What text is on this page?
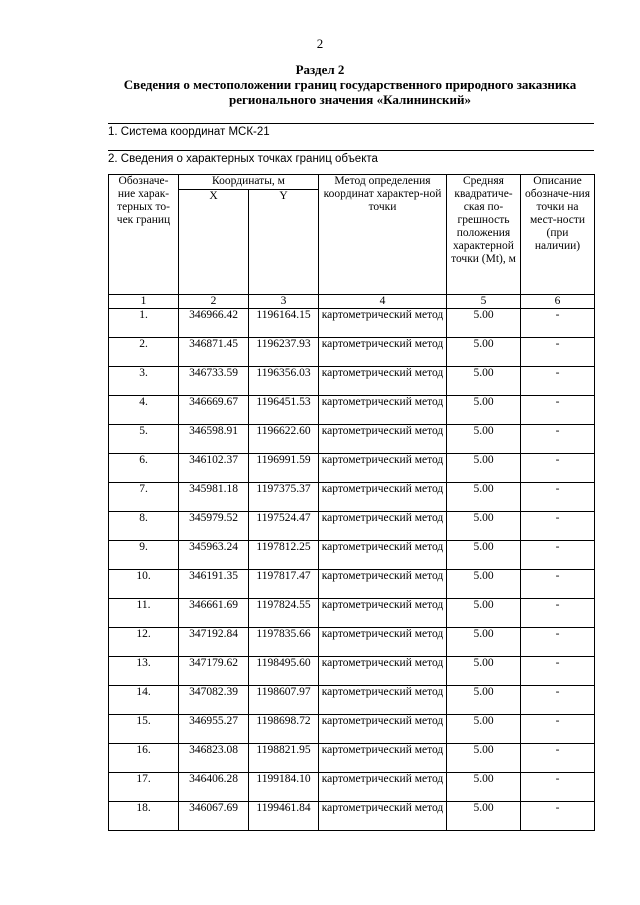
2
Раздел 2
Сведения о местоположении границ государственного природного заказника регионального значения «Калининский»
1. Система координат МСК-21
2. Сведения о характерных точках границ объекта
Обозначе-ние харак-терных то-чек границ	Координаты, м		Метод определения координат характер-ной точки	Средняя квадратиче-ская по-грешность положения характерной точки (Mt), м	Описание обозначе-ния точки на мест-ности (при наличии)
	X	Y			
1	2	3	4	5	6
1.	346966.42	1196164.15	картометрический метод	5.00	-
2.	346871.45	1196237.93	картометрический метод	5.00	-
3.	346733.59	1196356.03	картометрический метод	5.00	-
4.	346669.67	1196451.53	картометрический метод	5.00	-
5.	346598.91	1196622.60	картометрический метод	5.00	-
6.	346102.37	1196991.59	картометрический метод	5.00	-
7.	345981.18	1197375.37	картометрический метод	5.00	-
8.	345979.52	1197524.47	картометрический метод	5.00	-
9.	345963.24	1197812.25	картометрический метод	5.00	-
10.	346191.35	1197817.47	картометрический метод	5.00	-
11.	346661.69	1197824.55	картометрический метод	5.00	-
12.	347192.84	1197835.66	картометрический метод	5.00	-
13.	347179.62	1198495.60	картометрический метод	5.00	-
14.	347082.39	1198607.97	картометрический метод	5.00	-
15.	346955.27	1198698.72	картометрический метод	5.00	-
16.	346823.08	1198821.95	картометрический метод	5.00	-
17.	346406.28	1199184.10	картометрический метод	5.00	-
18.	346067.69	1199461.84	картометрический метод	5.00	-
